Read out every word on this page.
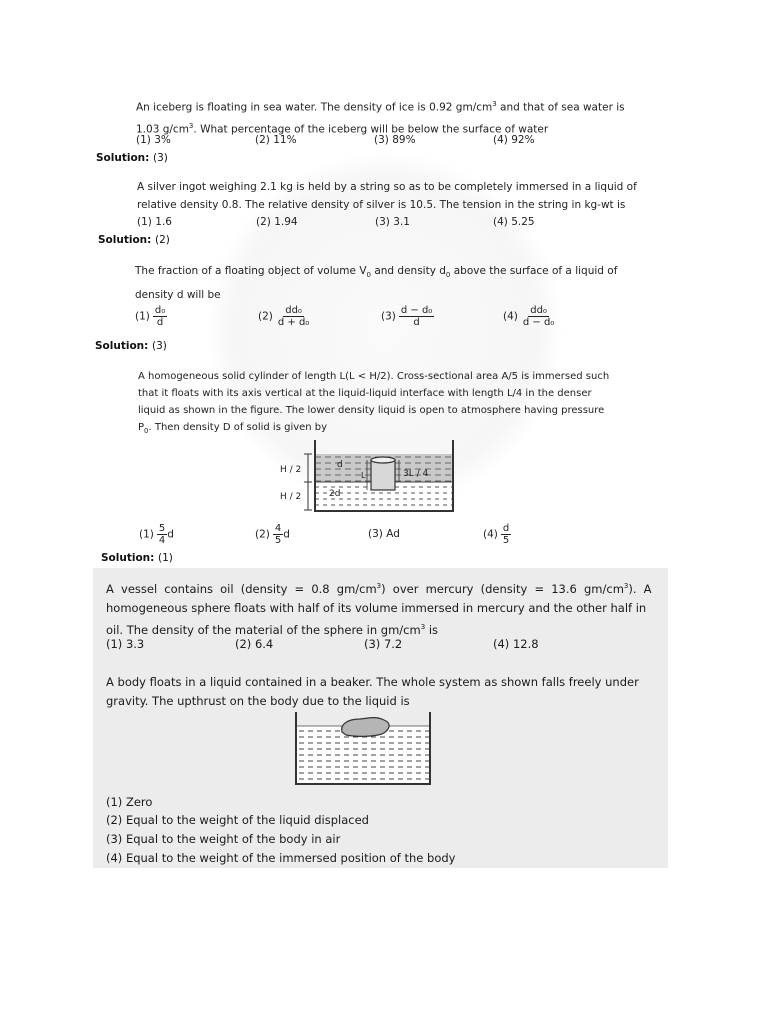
An iceberg is floating in sea water. The density of ice is 0.92 $gm/cm^3$ and that of sea water is
1.03 $g/cm^3$. What percentage of the iceberg will be below the surface of water
(1) 3%	(2) 11%	(3) 89%	(4) 92%
Solution: (3)
A silver ingot weighing 2.1 kg is held by a string so as to be completely immersed in a liquid of
relative density 0.8. The relative density of silver is 10.5. The tension in the string in kg-wt is
(1) 1.6	(2) 1.94	(3) 3.1	(4) 5.25
Solution: (2)
The fraction of a floating object of volume $V_0$ and density $d_0$ above the surface of a liquid of
density d will be
$(1) \frac{\text{d₀}}{d}$	$(2) \frac{\text{dd₀}}{\text{d + d₀}}$	$(3) \frac{\text{d − d₀}}{d}$	$(4) \frac{\text{dd₀}}{\text{d − d₀}}$
Solution: (3)
A homogeneous solid cylinder of length L(L < H/2). Cross-sectional area A/5 is immersed such
that it floats with its axis vertical at the liquid-liquid interface with length L/4 in the denser
liquid as shown in the figure. The lower density liquid is open to atmosphere having pressure
$P_0$. Then density D of solid is given by
H / 2
H / 2
d
L	3L / 4
2d
$(1) \frac{5}{4}$ d	$(2) \frac{4}{5}$ d	(3) Ad	$(4) \frac{d}{5}$
Solution: (1)
A vessel contains oil (density = 0.8 $gm/cm^3$) over mercury (density = 13.6 $gm/cm^3$). A
homogeneous sphere floats with half of its volume immersed in mercury and the other half in
oil. The density of the material of the sphere in $gm/cm^3$ is
(1) 3.3	(2) 6.4	(3) 7.2	(4) 12.8
A body floats in a liquid contained in a beaker. The whole system as shown falls freely under
gravity. The upthrust on the body due to the liquid is
(1) Zero
(2) Equal to the weight of the liquid displaced
(3) Equal to the weight of the body in air
(4) Equal to the weight of the immersed position of the body
